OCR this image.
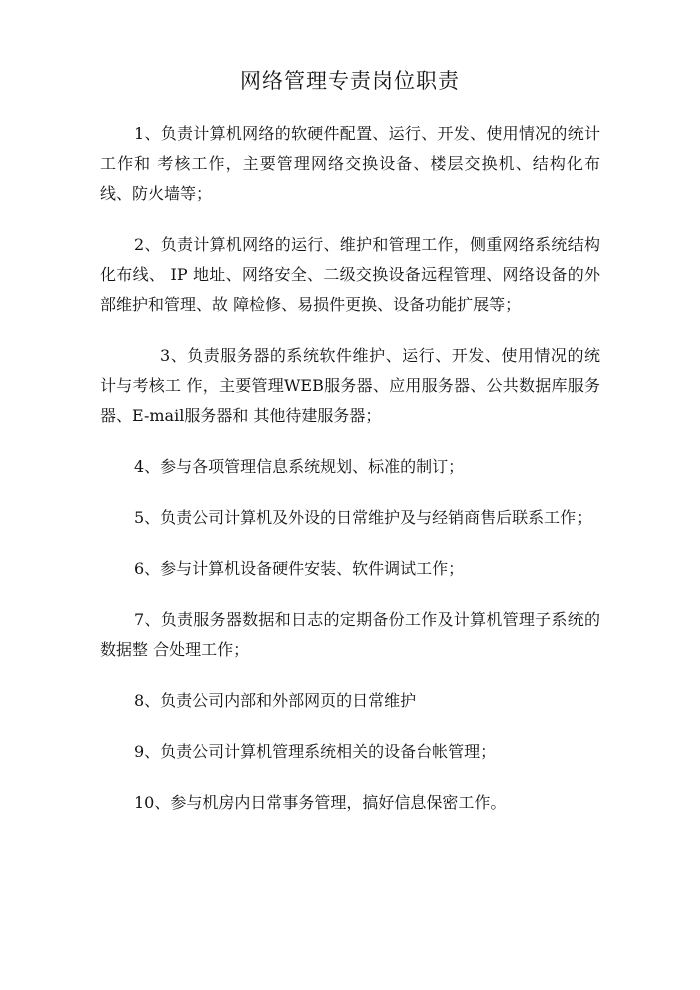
网络管理专责岗位职责

1、负责计算机网络的软硬件配置、运行、开发、使用情况的统计工作和 考核工作，主要管理网络交换设备、楼层交换机、结构化布线、防火墙等；

2、负责计算机网络的运行、维护和管理工作，侧重网络系统结构化布线、 IP 地址、网络安全、二级交换设备远程管理、网络设备的外部维护和管理、故 障检修、易损件更换、设备功能扩展等；

3、负责服务器的系统软件维护、运行、开发、使用情况的统计与考核工 作，主要管理WEB服务器、应用服务器、公共数据库服务器、E-mail服务器和 其他待建服务器；

4、参与各项管理信息系统规划、标准的制订；

5、负责公司计算机及外设的日常维护及与经销商售后联系工作；

6、参与计算机设备硬件安装、软件调试工作；

7、负责服务器数据和日志的定期备份工作及计算机管理子系统的数据整 合处理工作；

8、负责公司内部和外部网页的日常维护

9、负责公司计算机管理系统相关的设备台帐管理；

10、参与机房内日常事务管理，搞好信息保密工作。
